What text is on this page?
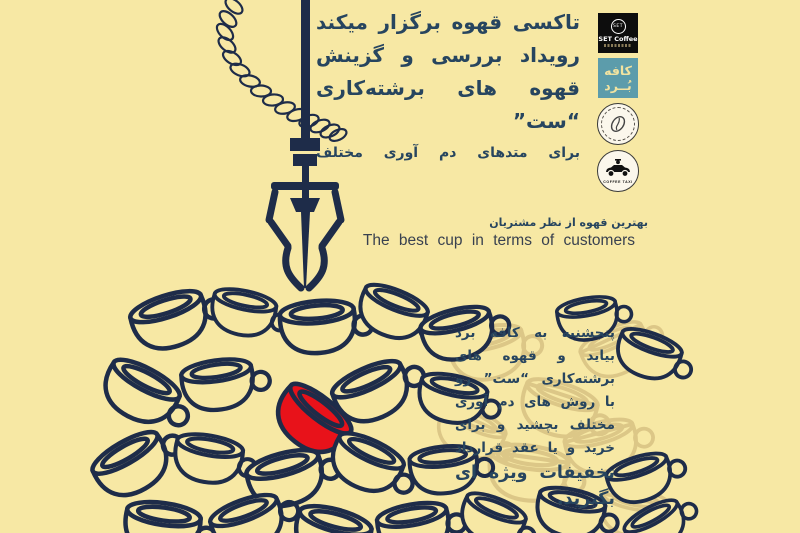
تاکسی قهوه برگزار میکند
رویداد بررسی و گزینش
قهوه های برشته‌کاری “ست”
برای متدهای دم آوری مختلف
SET
SET Coffee
کافه
بُــرد
COFFEE TAXI
بهترین قهوه از نظر مشتریان
The best cup in terms of customers
پنجشنبه به کافه برد
بیاید و قهوه های
برشته‌کاری “ست” رو
با روش های دم آوری
مختلف بچشید و برای
خرید و یا عقد قرارداد
تخفیفات ویژه ای
بگیرید.
